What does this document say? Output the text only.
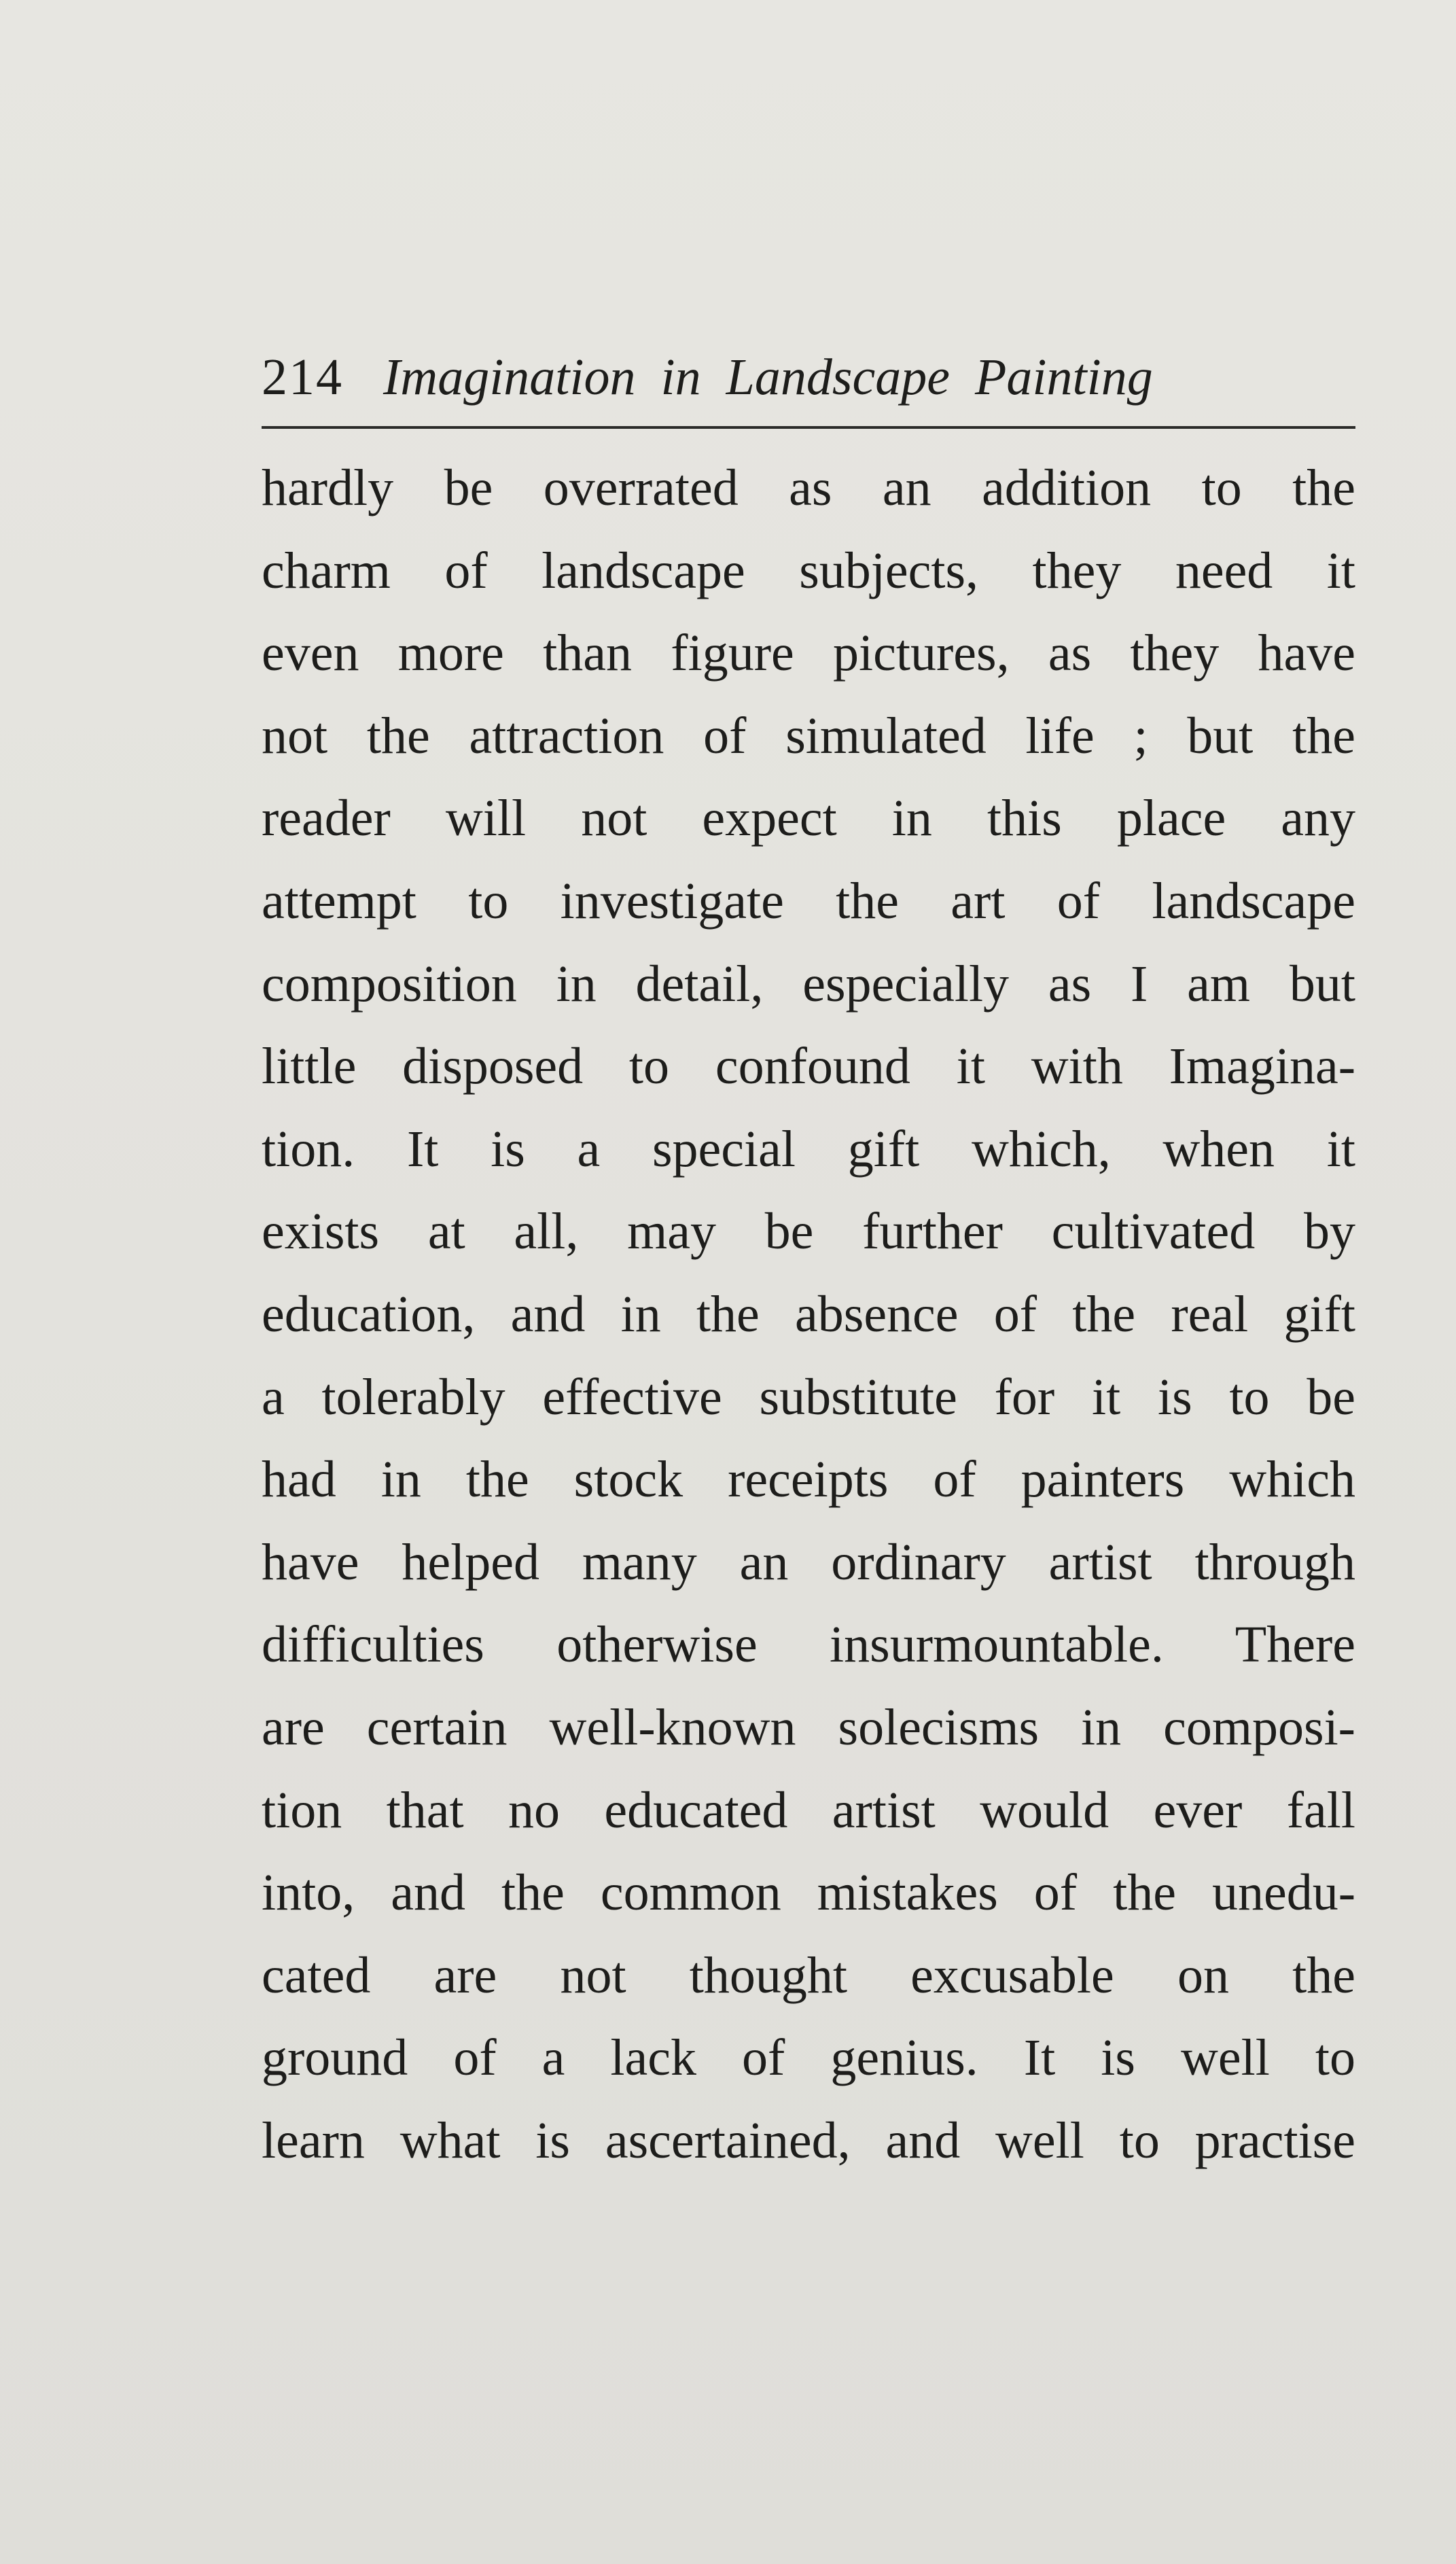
214 Imagination in Landscape Painting
hardly be overrated as an addition to the
charm of landscape subjects, they need it
even more than figure pictures, as they have
not the attraction of simulated life ; but the
reader will not expect in this place any
attempt to investigate the art of landscape
composition in detail, especially as I am but
little disposed to confound it with Imagina-
tion. It is a special gift which, when it
exists at all, may be further cultivated by
education, and in the absence of the real gift
a tolerably effective substitute for it is to be
had in the stock receipts of painters which
have helped many an ordinary artist through
difficulties otherwise insurmountable. There
are certain well-known solecisms in composi-
tion that no educated artist would ever fall
into, and the common mistakes of the unedu-
cated are not thought excusable on the
ground of a lack of genius. It is well to
learn what is ascertained, and well to practise
